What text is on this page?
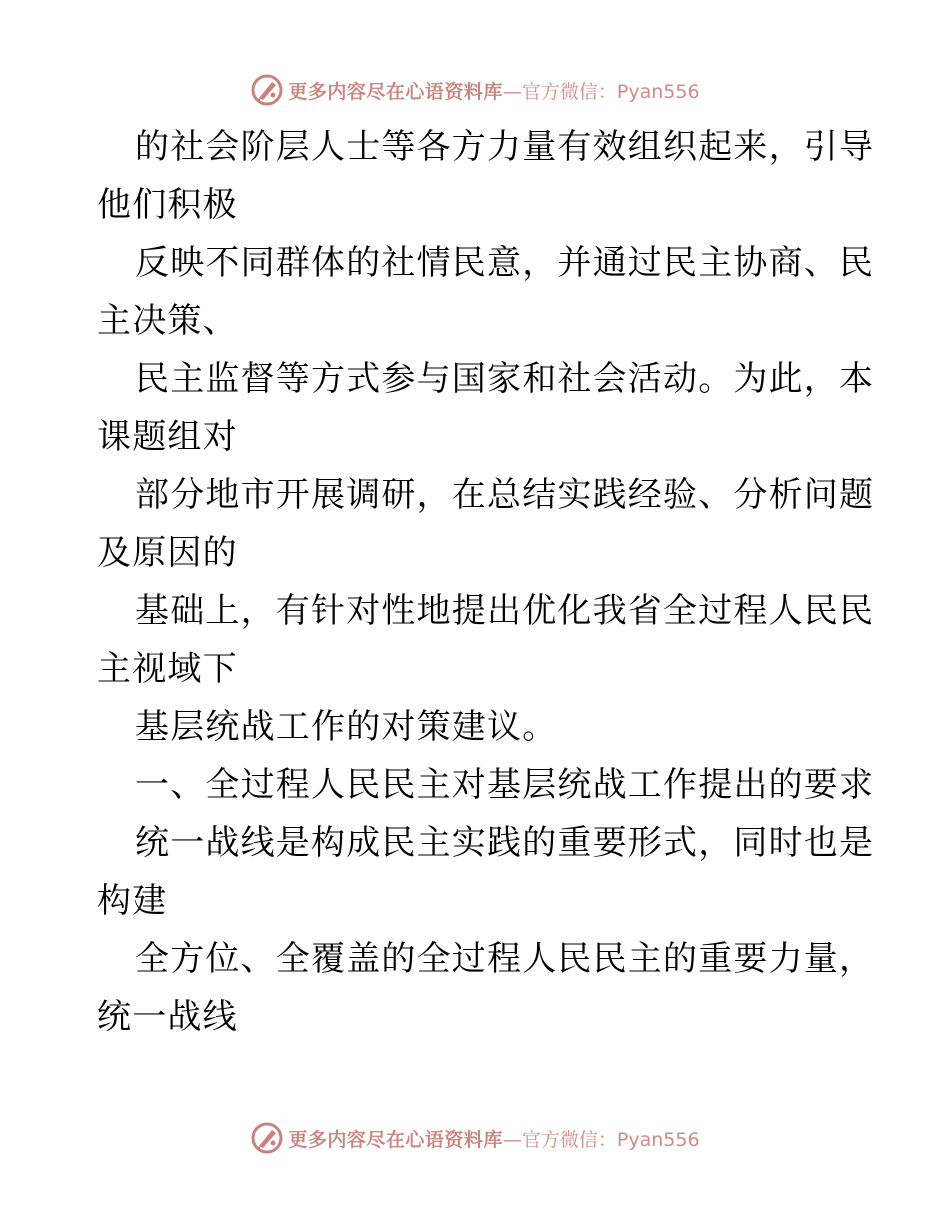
更多内容尽在心语资料库 —官方微信：Pyan556
的社会阶层人士等各方力量有效组织起来，引导
他们积极
反映不同群体的社情民意，并通过民主协商、民
主决策、
民主监督等方式参与国家和社会活动。为此，本
课题组对
部分地市开展调研，在总结实践经验、分析问题
及原因的
基础上，有针对性地提出优化我省全过程人民民
主视域下
基层统战工作的对策建议。
一、全过程人民民主对基层统战工作提出的要求
统一战线是构成民主实践的重要形式，同时也是
构建
全方位、全覆盖的全过程人民民主的重要力量，
统一战线
更多内容尽在心语资料库 —官方微信：Pyan556
